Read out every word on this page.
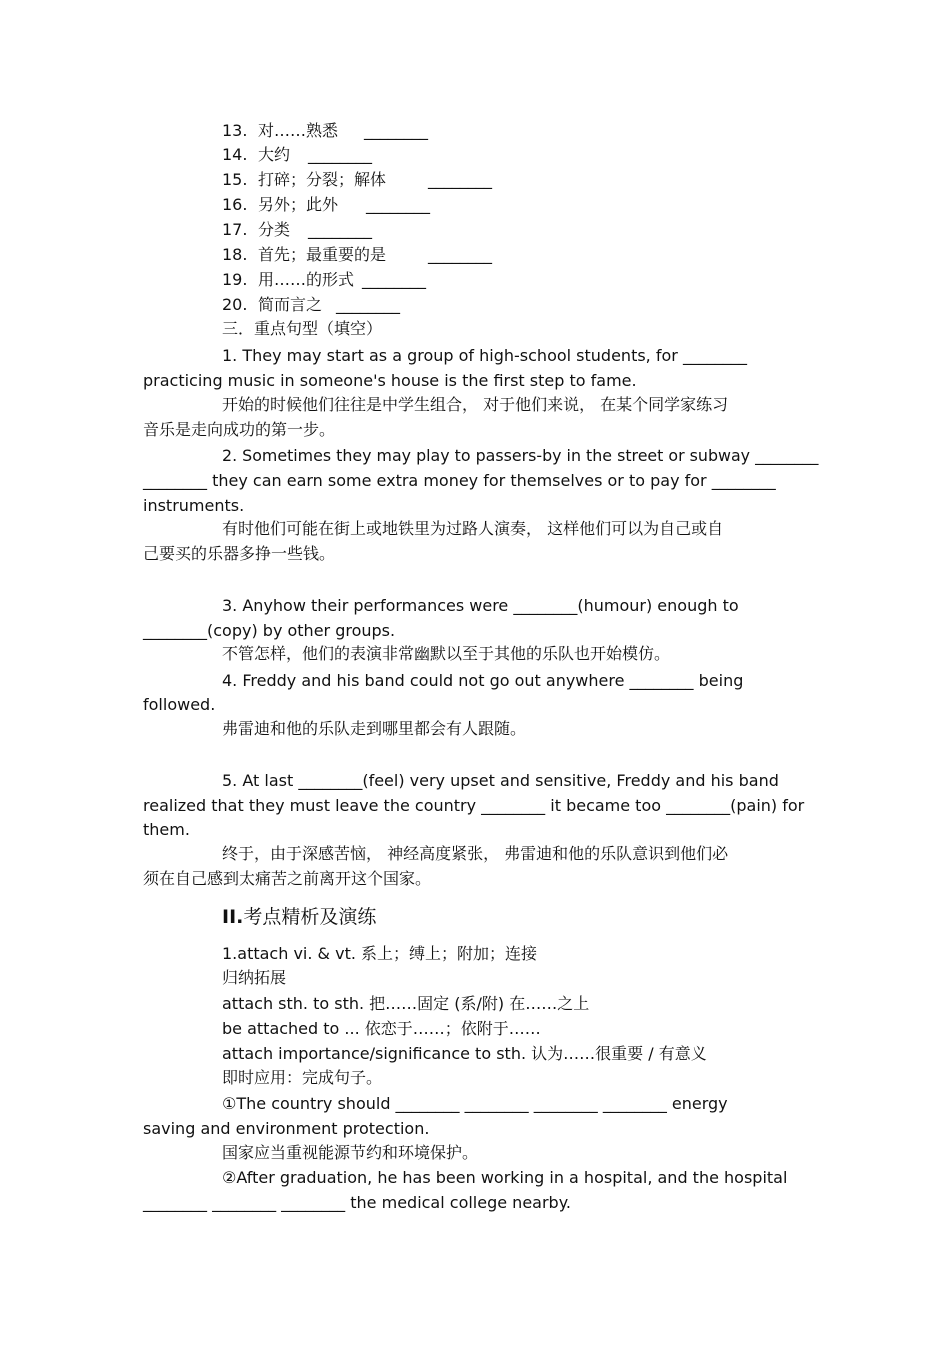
13. 对……熟悉 ________
14. 大约 ________
15. 打碎；分裂；解体	________
16. 另外；此外 ________
17. 分类 ________
18. 首先；最重要的是	________
19. 用……的形式 ________
20. 简而言之 ________
三．重点句型（填空）
1. They may start as a group of high-school students, for ________
practicing music in someone's house is the first step to fame.
开始的时候他们往往是中学生组合， 对于他们来说， 在某个同学家练习
音乐是走向成功的第一步。
2. Sometimes they may play to passers-by in the street or subway ________
________ they can earn some extra money for themselves or to pay for ________
instruments.
有时他们可能在街上或地铁里为过路人演奏， 这样他们可以为自己或自
己要买的乐器多挣一些钱。
3. Anyhow their performances were ________(humour) enough to
________(copy) by other groups.
不管怎样，他们的表演非常幽默以至于其他的乐队也开始模仿。
4. Freddy and his band could not go out anywhere ________ being
followed.
弗雷迪和他的乐队走到哪里都会有人跟随。
5. At last ________(feel) very upset and sensitive, Freddy and his band
realized that they must leave the country ________ it became too ________(pain) for
them.
终于，由于深感苦恼， 神经高度紧张， 弗雷迪和他的乐队意识到他们必
须在自己感到太痛苦之前离开这个国家。
II.考点精析及演练
1.attach vi. & vt. 系上；缚上；附加；连接
归纳拓展
attach sth. to sth. 把……固定 (系/附) 在……之上
be attached to ... 依恋于……；依附于……
attach importance/significance to sth. 认为……很重要 / 有意义
即时应用：完成句子。
①The country should ________ ________ ________ ________ energy
saving and environment protection.
国家应当重视能源节约和环境保护。
②After graduation, he has been working in a hospital, and the hospital
________ ________ ________ the medical college nearby.
